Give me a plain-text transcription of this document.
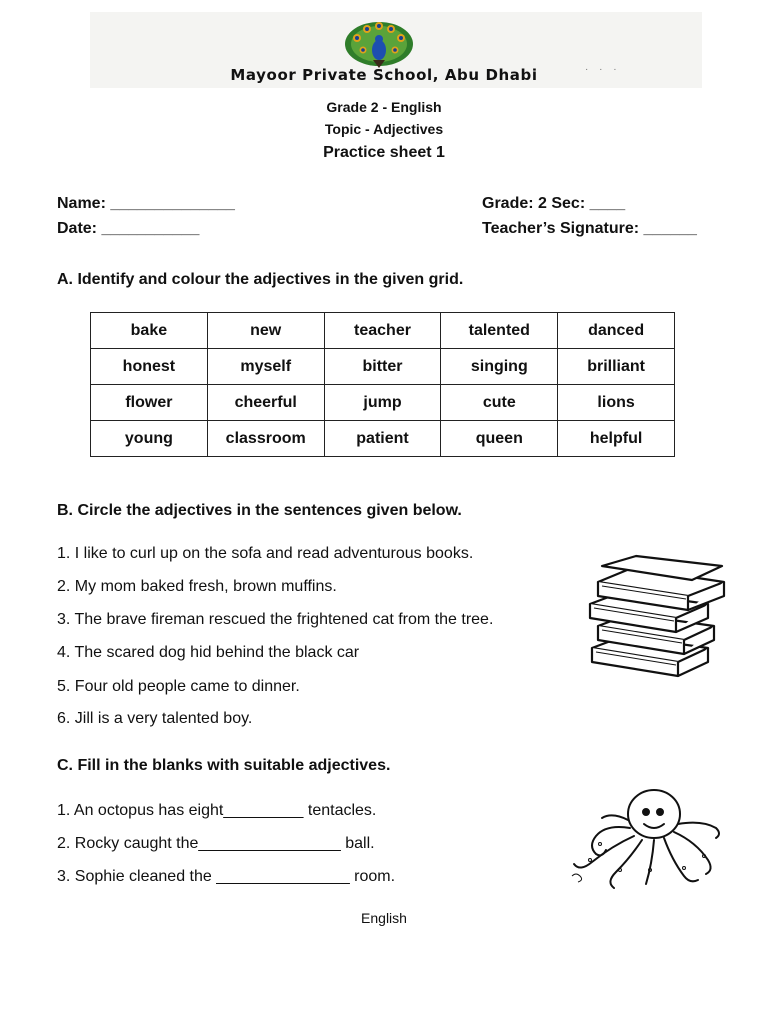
Mayoor Private School, Abu Dhabi	· · ·
Grade 2 - English
Topic - Adjectives
Practice sheet 1
Name: ______________	Grade: 2 Sec: ____
Date: ___________	Teacher’s Signature: ______
A. Identify and colour the adjectives in the given grid.
bake	new	teacher	talented	danced
honest	myself	bitter	singing	brilliant
flower	cheerful	jump	cute	lions
young	classroom	patient	queen	helpful
B. Circle the adjectives in the sentences given below.
1. I like to curl up on the sofa and read adventurous books.
2. My mom baked fresh, brown muffins.
3. The brave fireman rescued the frightened cat from the tree.
4. The scared dog hid behind the black car
5. Four old people came to dinner.
6. Jill is a very talented boy.
C. Fill in the blanks with suitable adjectives.
1. An octopus has eight_________ tentacles.
2. Rocky caught the________________ ball.
3. Sophie cleaned the _______________ room.
English
